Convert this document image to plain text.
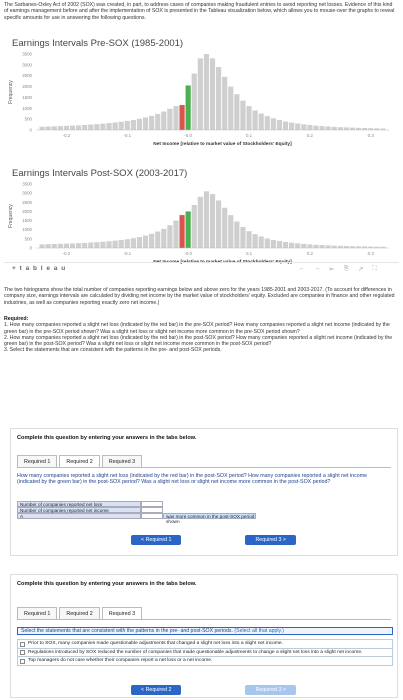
The Sarbanes-Oxley Act of 2002 (SOX) was created, in part, to address cases of companies making fraudulent entries to avoid reporting net losses. Evidence of this kind of earnings management before and after the implementation of SOX is presented in the Tableau visualization below, which allows you to mouse-over the graphs to reveal specific amounts for use in answering the following questions.
Earnings Intervals Pre-SOX (1985-2001)
0
500
1000
1500
2000
2500
3000
3500
Frequency
-0.2	-0.1	-0.0	0.1	0.2	0.3
Net Income [relative to market value of Stockholders' Equity]
Earnings Intervals Post-SOX (2003-2017)
0
500
1000
1500
2000
2500
3000
3500
Frequency
-0.2	-0.1	-0.0	0.1	0.2	0.3
Net Income [relative to market value of Stockholders' Equity]
+ t a b l e a u	← → ⇤ ⎘ ↗ ⛶
The two histograms show the total number of companies reporting earnings below and above zero for the years 1985-2001 and 2003-2017. (To account for differences in company size, earnings intervals are calculated by dividing net income by the market value of stockholders' equity. Excluded are companies in finance and other regulated industries, as well as companies reporting exactly zero net income.)
Required:
1. How many companies reported a slight net loss (indicated by the red bar) in the pre-SOX period? How many companies reported a slight net income (indicated by the green bar) in the pre-SOX period shown? Was a slight net loss or slight net income more common in the pre-SOX period shown?
2. How many companies reported a slight net loss (indicated by the red bar) in the post-SOX period? How many companies reported a slight net income (indicated by the green bar) in the post-SOX period? Was a slight net loss or slight net income more common in the post-SOX period?
3. Select the statements that are consistent with the patterns in the pre- and post-SOX periods.
Complete this question by entering your answers in the tabs below.
Required 1	Required 2	Required 3
How many companies reported a slight net loss (indicated by the red bar) in the post-SOX period? How many companies reported a slight net income (indicated by the green bar) in the post-SOX period? Was a slight net loss or slight net income more common in the post-SOX period?
Number of companies reported net loss
Number of companies reported net income
A	was more common in the post-SOX period shown
< Required 1	Required 3 >
Complete this question by entering your answers in the tabs below.
Required 1	Required 2	Required 3
Select the statements that are consistent with the patterns in the pre- and post-SOX periods. (Select all that apply.)
Prior to SOX, many companies made questionable adjustments that changed a slight net loss into a slight net income.
Regulations introduced by SOX reduced the number of companies that made questionable adjustments to change a slight net loss into a slight net income.
Top managers do not care whether their companies report a net loss or a net income.
< Required 2	Required 3 >
